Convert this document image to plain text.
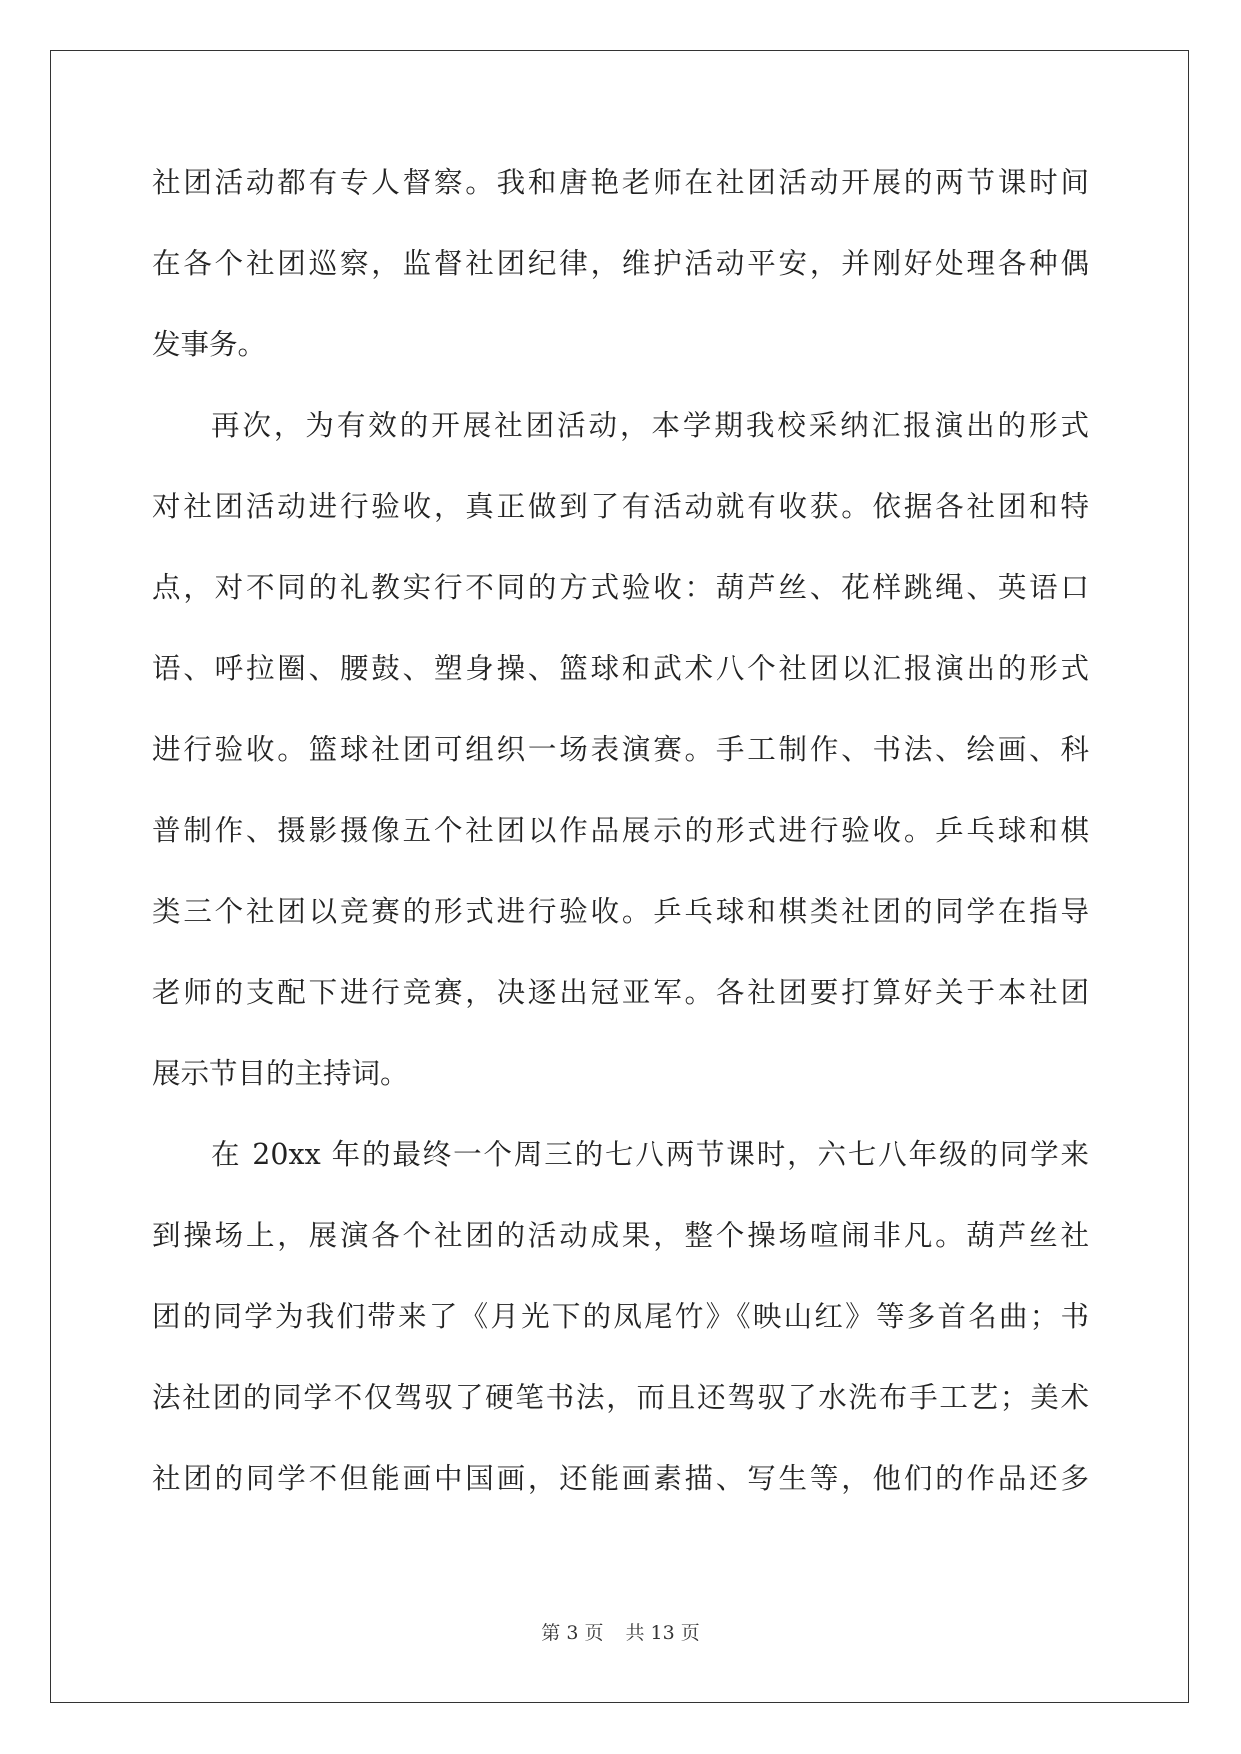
社团活动都有专人督察。我和唐艳老师在社团活动开展的两节课时间
在各个社团巡察，监督社团纪律，维护活动平安，并刚好处理各种偶
发事务。
再次，为有效的开展社团活动，本学期我校采纳汇报演出的形式
对社团活动进行验收，真正做到了有活动就有收获。依据各社团和特
点，对不同的礼教实行不同的方式验收：葫芦丝、花样跳绳、英语口
语、呼拉圈、腰鼓、塑身操、篮球和武术八个社团以汇报演出的形式
进行验收。篮球社团可组织一场表演赛。手工制作、书法、绘画、科
普制作、摄影摄像五个社团以作品展示的形式进行验收。乒乓球和棋
类三个社团以竞赛的形式进行验收。乒乓球和棋类社团的同学在指导
老师的支配下进行竞赛，决逐出冠亚军。各社团要打算好关于本社团
展示节目的主持词。
在 20xx 年的最终一个周三的七八两节课时，六七八年级的同学来
到操场上，展演各个社团的活动成果，整个操场喧闹非凡。葫芦丝社
团的同学为我们带来了《月光下的凤尾竹》《映山红》等多首名曲；书
法社团的同学不仅驾驭了硬笔书法，而且还驾驭了水洗布手工艺；美术
社团的同学不但能画中国画，还能画素描、写生等，他们的作品还多
第 3 页 共 13 页
